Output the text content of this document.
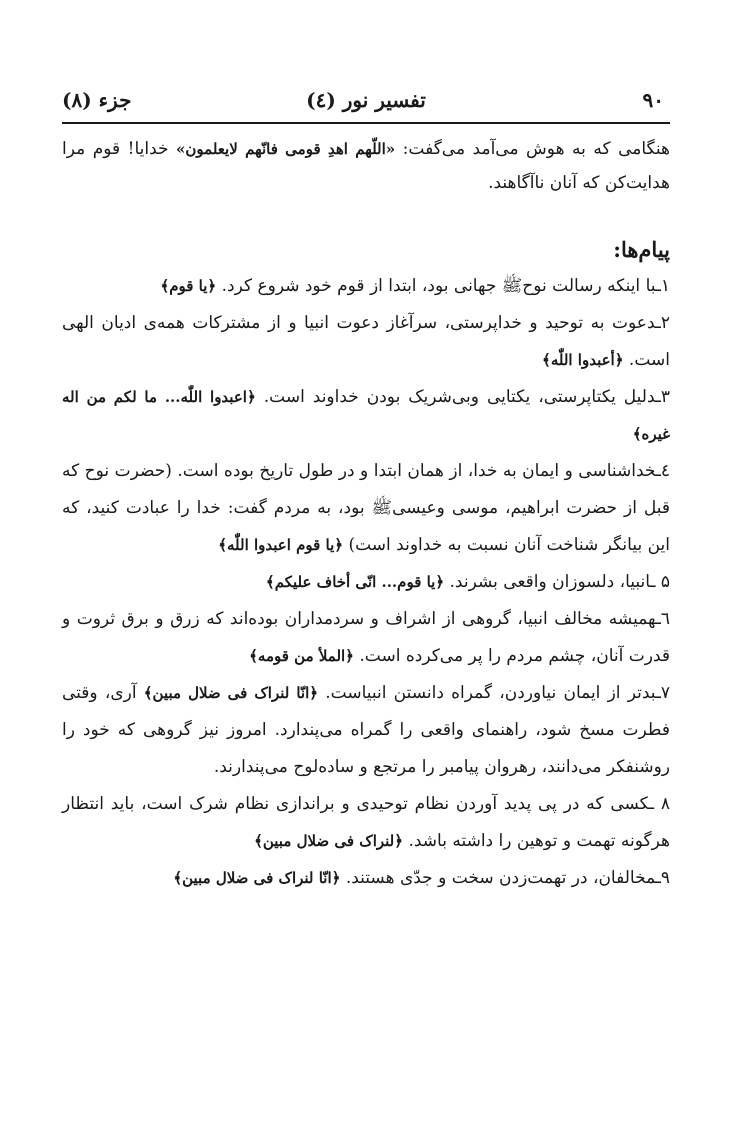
۹۰
تفسیر نور (٤)
جزء (۸)

هنگامی که به هوش می‌آمد می‌گفت: «اللّهم اهدِ قومی فانّهم لایعلمون» خدایا! قوم مرا هدایت‌کن که آنان ناآگاهند.

پیام‌ها:

۱ـبا اینکه رسالت نوحﷺ جهانی بود، ابتدا از قوم خود شروع کرد. ﴿یا قوم﴾

۲ـدعوت به توحید و خداپرستی، سرآغاز دعوت انبیا و از مشترکات همه‌ی ادیان الهی است. ﴿أعبدوا اللّٰه﴾

۳ـدلیل یکتاپرستی، یکتایی وبی‌شریک بودن خداوند است. ﴿اعبدوا اللّٰه... ما لکم من اله غیره﴾

٤ـخداشناسی و ایمان به خدا، از همان ابتدا و در طول تاریخ بوده است. (حضرت نوح که قبل از حضرت ابراهیم، موسی وعیسیﷺ بود، به مردم گفت: خدا را عبادت کنید، که این بیانگر شناخت آنان نسبت به خداوند است) ﴿یا قوم اعبدوا اللّٰه﴾

۵ ـانبیا، دلسوزان واقعی بشرند. ﴿یا قوم... انّی أخاف علیکم﴾

٦ـهمیشه مخالف انبیا، گروهی از اشراف و سردمداران بوده‌اند که زرق و برق ثروت و قدرت آنان، چشم مردم را پر می‌کرده است. ﴿الملأ من قومه﴾

۷ـبدتر از ایمان نیاوردن، گمراه دانستن انبیاست. ﴿انّا لنراک فی ضلال مبین﴾ آری، وقتی فطرت مسخ شود، راهنمای واقعی را گمراه می‌پندارد. امروز نیز گروهی که خود را روشنفکر می‌دانند، رهروان پیامبر را مرتجع و ساده‌لوح می‌پندارند.

۸ ـکسی که در پی پدید آوردن نظام توحیدی و براندازی نظام شرک است، باید انتظار هرگونه تهمت و توهین را داشته باشد. ﴿لنراک فی ضلال مبین﴾

۹ـمخالفان، در تهمت‌زدن سخت و جدّی هستند. ﴿انّا لنراک فی ضلال مبین﴾
